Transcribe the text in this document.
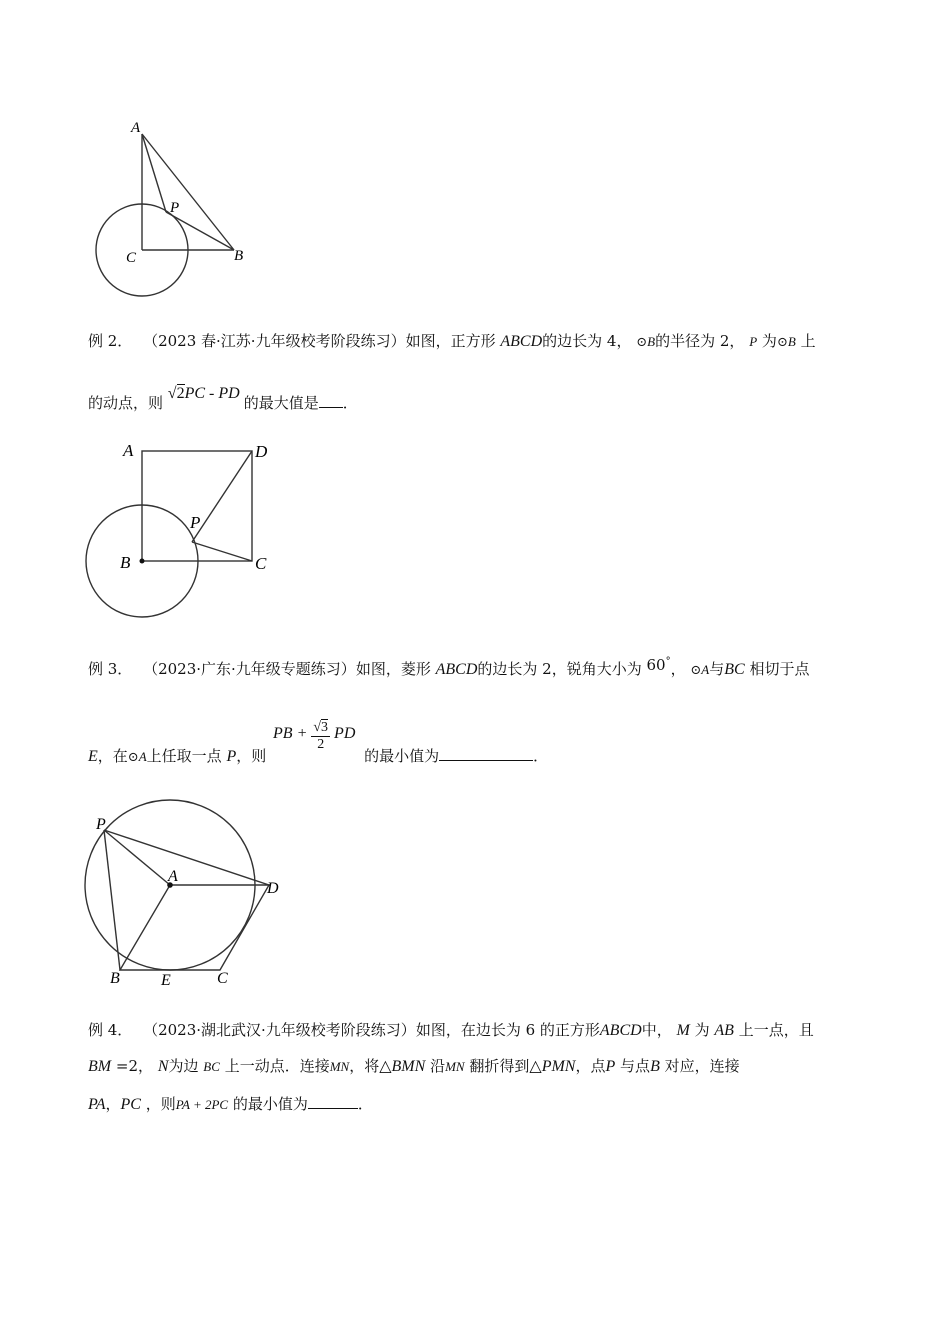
A
P
C	B
例 2． （2023 春·江苏·九年级校考阶段练习）如图，正方形 ABCD的边长为 4， ⊙B的半径为 2， P 为⊙B 上
的动点，则 √2PC - PD 的最大值是 ．
A	D
P
B	C
例 3． （2023·广东·九年级专题练习）如图，菱形 ABCD的边长为 2，锐角大小为 60°， ⊙A与BC 相切于点
E，在⊙A上任取一点 P，则 PB + $\frac{√3}{2}$ PD 的最小值为	．
P
A
D
B	E	C
例 4． （2023·湖北武汉·九年级校考阶段练习）如图，在边长为 6 的正方形ABCD中， M 为 AB 上一点，且
BM =2， N为边 BC 上一动点．连接MN，将△BMN 沿MN 翻折得到△PMN，点P 与点B 对应，连接
PA，PC ，则PA + 2PC 的最小值为	．
